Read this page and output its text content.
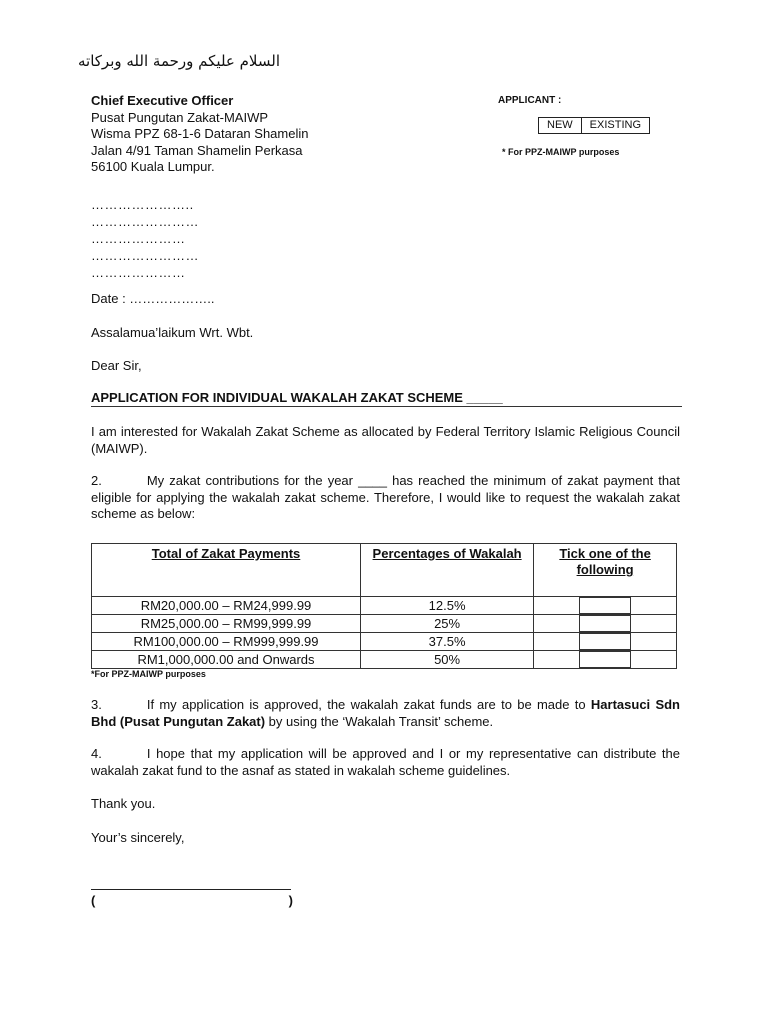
السلام عليكم ورحمة الله وبركاته
Chief Executive Officer
Pusat Pungutan Zakat-MAIWP
Wisma PPZ 68-1-6 Dataran Shamelin
Jalan 4/91 Taman Shamelin Perkasa
56100 Kuala Lumpur.
APPLICANT :
NEW	EXISTING
* For PPZ-MAIWP purposes
…………………..
……………………
…………………
……………………
…………………
Date : ………………..
Assalamua’laikum Wrt. Wbt.
Dear Sir,
APPLICATION FOR INDIVIDUAL WAKALAH ZAKAT SCHEME _____
I am interested for Wakalah Zakat Scheme as allocated by Federal Territory Islamic Religious Council (MAIWP).
2.	My zakat contributions for the year ____ has reached the minimum of zakat payment that eligible for applying the wakalah zakat scheme. Therefore, I would like to request the wakalah zakat scheme as below:
Total of Zakat Payments	Percentages of Wakalah	Tick one of the following
RM20,000.00 – RM24,999.99	12.5%	
RM25,000.00 – RM99,999.99	25%	
RM100,000.00 – RM999,999.99	37.5%	
RM1,000,000.00 and Onwards	50%	
*For PPZ-MAIWP purposes
3.	If my application is approved, the wakalah zakat funds are to be made to Hartasuci Sdn Bhd (Pusat Pungutan Zakat) by using the ‘Wakalah Transit’ scheme.
4.	I hope that my application will be approved and I or my representative can distribute the wakalah zakat fund to the asnaf as stated in wakalah scheme guidelines.
Thank you.
Your’s sincerely,
(	)
